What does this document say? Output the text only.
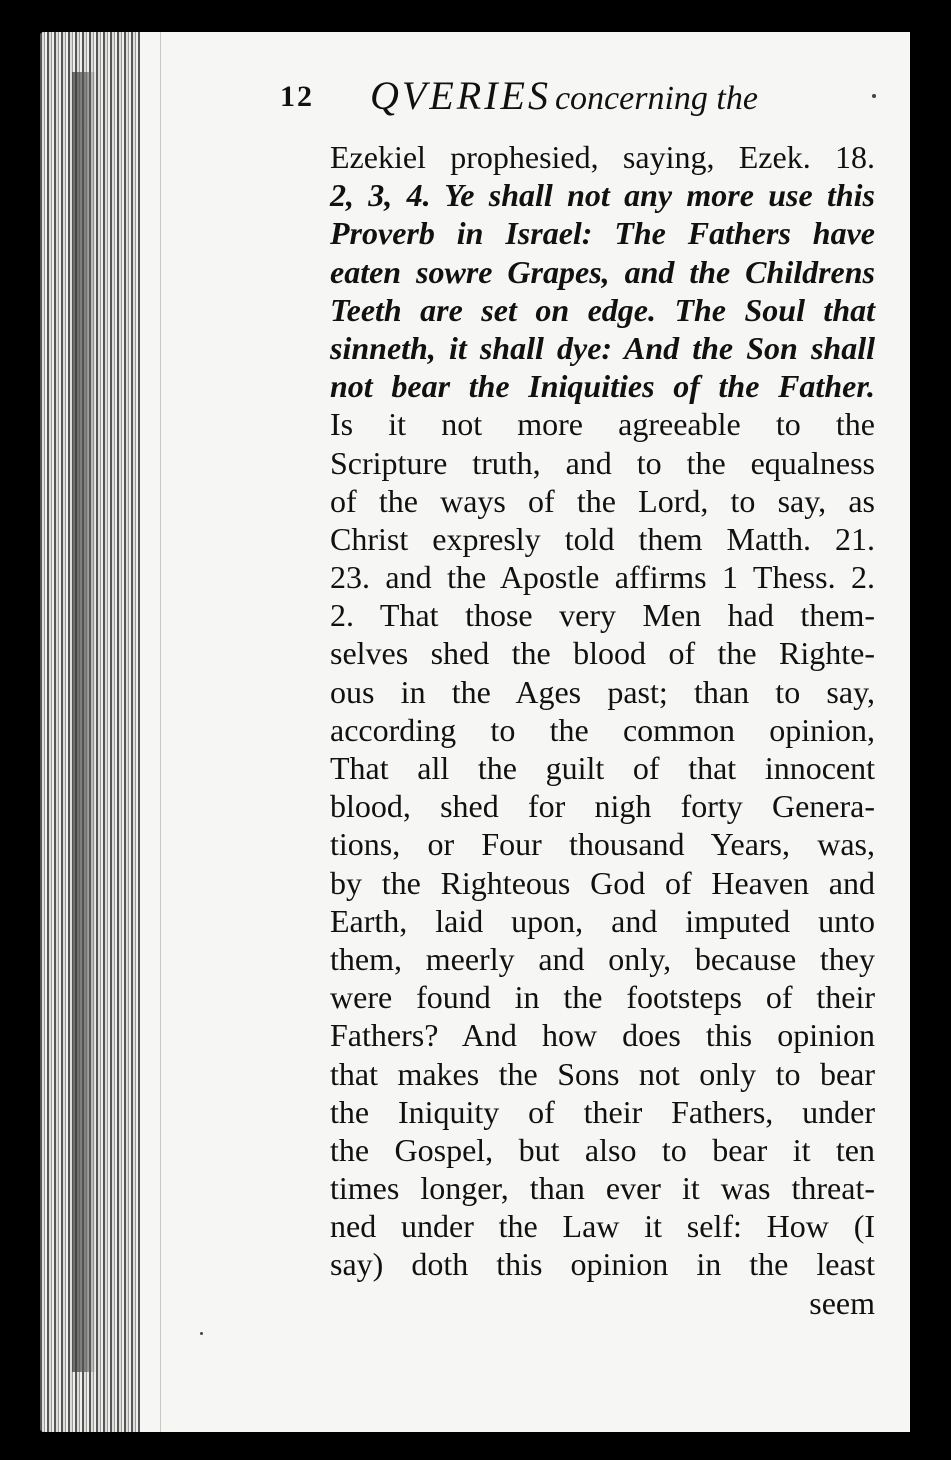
12 QVERIES concerning the
Ezekiel prophesied, saying, Ezek. 18.
2, 3, 4. Ye shall not any more use this
Proverb in Israel: The Fathers have
eaten sowre Grapes, and the Childrens
Teeth are set on edge. The Soul that
sinneth, it shall dye: And the Son shall
not bear the Iniquities of the Father.
Is it not more agreeable to the
Scripture truth, and to the equalness
of the ways of the Lord, to say, as
Christ expresly told them Matth. 21.
23. and the Apostle affirms 1 Thess. 2.
2. That those very Men had them-
selves shed the blood of the Righte-
ous in the Ages past; than to say,
according to the common opinion,
That all the guilt of that innocent
blood, shed for nigh forty Genera-
tions, or Four thousand Years, was,
by the Righteous God of Heaven and
Earth, laid upon, and imputed unto
them, meerly and only, because they
were found in the footsteps of their
Fathers? And how does this opinion
that makes the Sons not only to bear
the Iniquity of their Fathers, under
the Gospel, but also to bear it ten
times longer, than ever it was threat-
ned under the Law it self: How (I
say) doth this opinion in the least
seem
